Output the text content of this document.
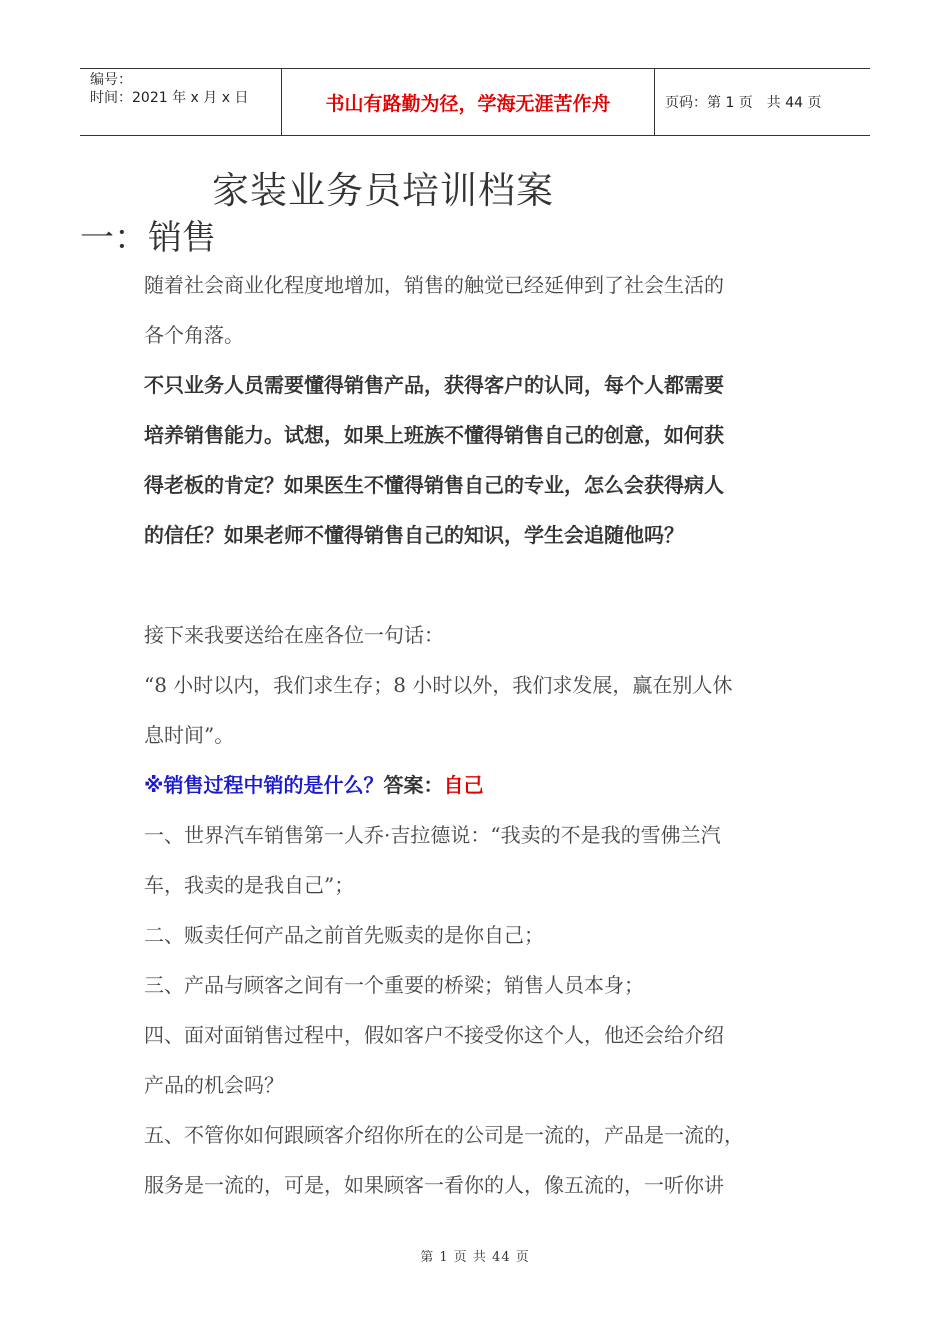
编号：
时间：2021 年 x 月 x 日	书山有路勤为径，学海无涯苦作舟	页码：第 1 页　共 44 页
家装业务员培训档案
一：销售

随着社会商业化程度地增加，销售的触觉已经延伸到了社会生活的

各个角落。

不只业务人员需要懂得销售产品，获得客户的认同，每个人都需要

培养销售能力。试想，如果上班族不懂得销售自己的创意，如何获

得老板的肯定？如果医生不懂得销售自己的专业，怎么会获得病人

的信任？如果老师不懂得销售自己的知识，学生会追随他吗？

接下来我要送给在座各位一句话：

“8 小时以内，我们求生存；8 小时以外，我们求发展，赢在别人休

息时间”。

※销售过程中销的是什么？答案：自己

一、世界汽车销售第一人乔·吉拉德说：“我卖的不是我的雪佛兰汽

车，我卖的是我自己”；

二、贩卖任何产品之前首先贩卖的是你自己；

三、产品与顾客之间有一个重要的桥梁；销售人员本身；

四、面对面销售过程中，假如客户不接受你这个人，他还会给介绍

产品的机会吗？

五、不管你如何跟顾客介绍你所在的公司是一流的，产品是一流的，

服务是一流的，可是，如果顾客一看你的人，像五流的，一听你讲

第 1 页 共 44 页
